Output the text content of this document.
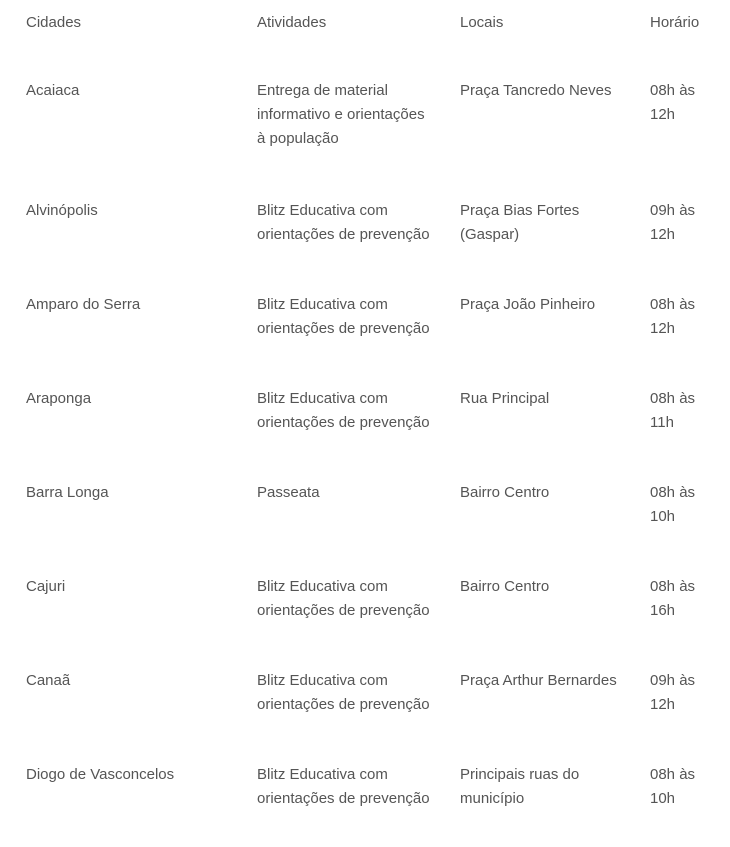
Cidades	Atividades	Locais	Horário
Acaiaca	Entrega de material informativo e orientações à população	Praça Tancredo Neves	08h às 12h
Alvinópolis	Blitz Educativa com orientações de prevenção	Praça Bias Fortes (Gaspar)	09h às 12h
Amparo do Serra	Blitz Educativa com orientações de prevenção	Praça João Pinheiro	08h às 12h
Araponga	Blitz Educativa com orientações de prevenção	Rua Principal	08h às 11h
Barra Longa	Passeata	Bairro Centro	08h às 10h
Cajuri	Blitz Educativa com orientações de prevenção	Bairro Centro	08h às 16h
Canaã	Blitz Educativa com orientações de prevenção	Praça Arthur Bernardes	09h às 12h
Diogo de Vasconcelos	Blitz Educativa com orientações de prevenção	Principais ruas do município	08h às 10h
